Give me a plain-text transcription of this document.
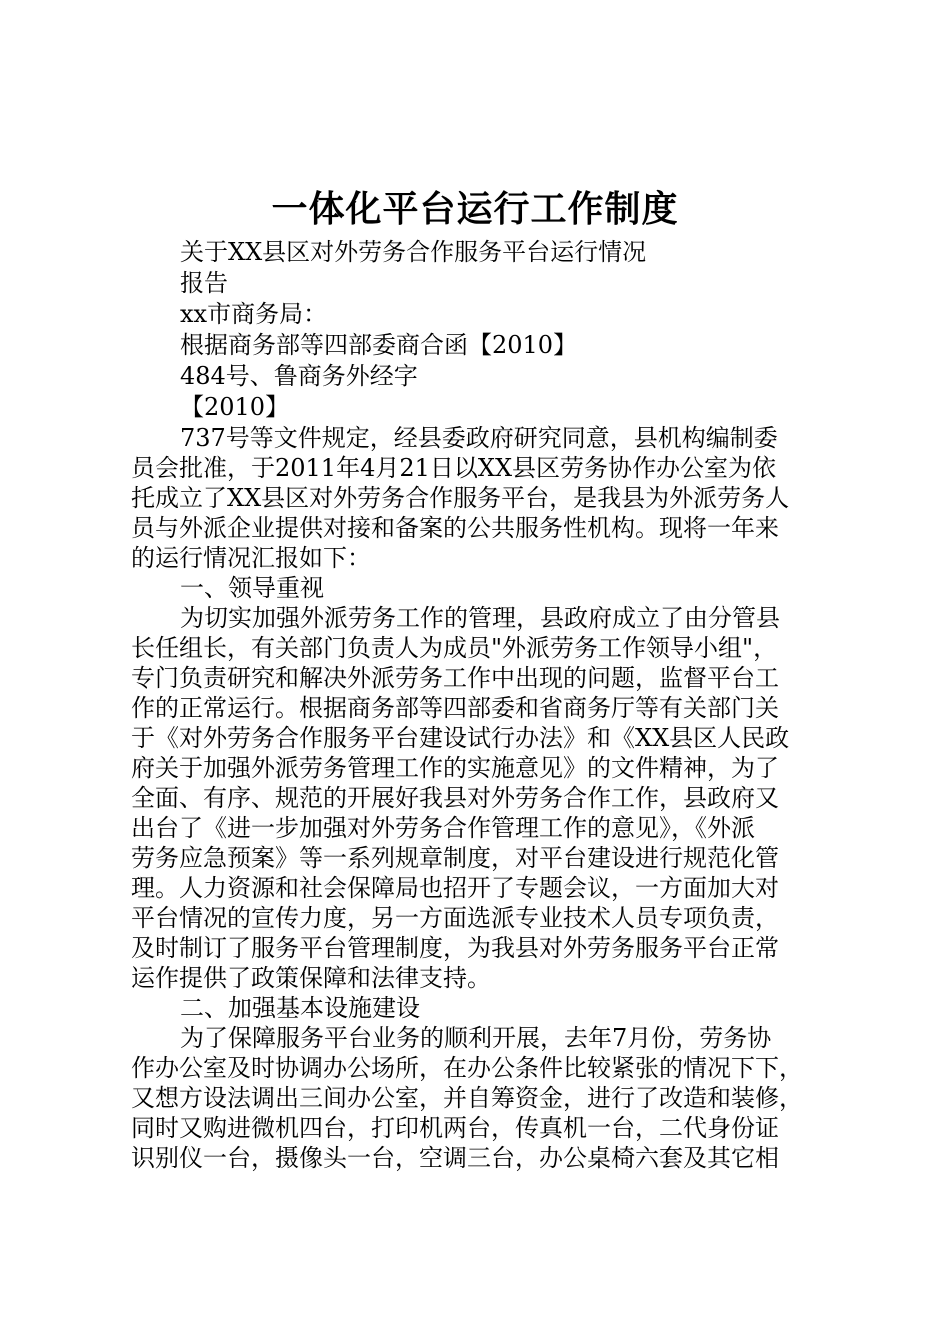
一体化平台运行工作制度
关于XX县区对外劳务合作服务平台运行情况
报告
xx市商务局：
根据商务部等四部委商合函【2010】
484号、鲁商务外经字
【2010】
737号等文件规定，经县委政府研究同意，县机构编制委
员会批准，于2011年4月21日以XX县区劳务协作办公室为依
托成立了XX县区对外劳务合作服务平台，是我县为外派劳务人
员与外派企业提供对接和备案的公共服务性机构。现将一年来
的运行情况汇报如下：
一、领导重视
为切实加强外派劳务工作的管理，县政府成立了由分管县
长任组长，有关部门负责人为成员"外派劳务工作领导小组"，
专门负责研究和解决外派劳务工作中出现的问题，监督平台工
作的正常运行。根据商务部等四部委和省商务厅等有关部门关
于《对外劳务合作服务平台建设试行办法》和《XX县区人民政
府关于加强外派劳务管理工作的实施意见》的文件精神，为了
全面、有序、规范的开展好我县对外劳务合作工作，县政府又
出台了《进一步加强对外劳务合作管理工作的意见》，《外派
劳务应急预案》等一系列规章制度，对平台建设进行规范化管
理。人力资源和社会保障局也招开了专题会议，一方面加大对
平台情况的宣传力度，另一方面选派专业技术人员专项负责，
及时制订了服务平台管理制度，为我县对外劳务服务平台正常
运作提供了政策保障和法律支持。
二、加强基本设施建设
为了保障服务平台业务的顺利开展，去年7月份，劳务协
作办公室及时协调办公场所，在办公条件比较紧张的情况下下，
又想方设法调出三间办公室，并自筹资金，进行了改造和装修，
同时又购进微机四台，打印机两台，传真机一台，二代身份证
识别仪一台，摄像头一台，空调三台，办公桌椅六套及其它相
